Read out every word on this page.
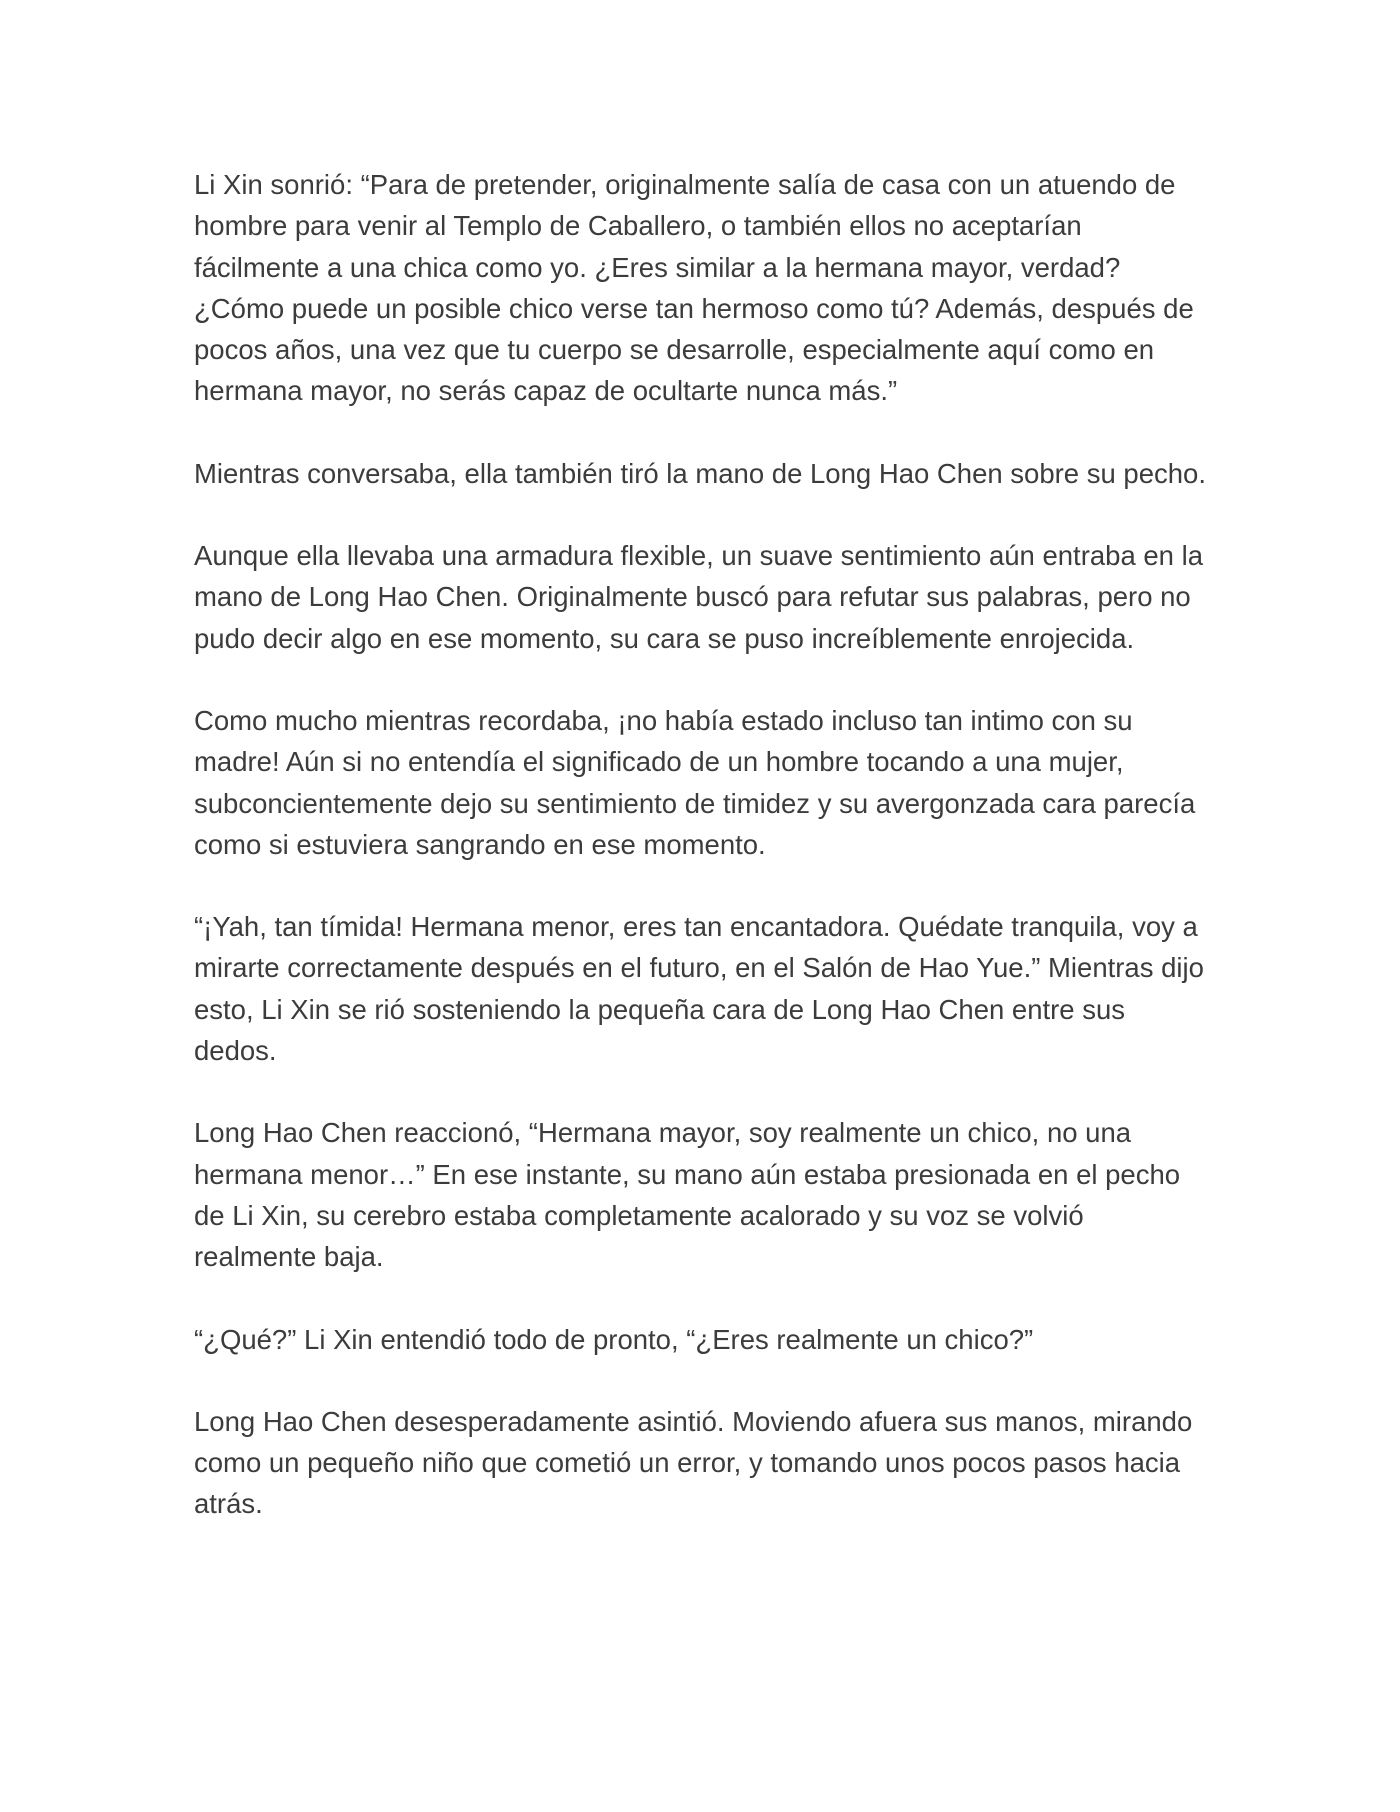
Li Xin sonrió: “Para de pretender, originalmente salía de casa con un atuendo de hombre para venir al Templo de Caballero, o también ellos no aceptarían fácilmente a una chica como yo. ¿Eres similar a la hermana mayor, verdad? ¿Cómo puede un posible chico verse tan hermoso como tú? Además, después de pocos años, una vez que tu cuerpo se desarrolle, especialmente aquí como en hermana mayor, no serás capaz de ocultarte nunca más.”

Mientras conversaba, ella también tiró la mano de Long Hao Chen sobre su pecho.

Aunque ella llevaba una armadura flexible, un suave sentimiento aún entraba en la mano de Long Hao Chen. Originalmente buscó para refutar sus palabras, pero no pudo decir algo en ese momento, su cara se puso increíblemente enrojecida.

Como mucho mientras recordaba, ¡no había estado incluso tan intimo con su madre! Aún si no entendía el significado de un hombre tocando a una mujer, subconcientemente dejo su sentimiento de timidez y su avergonzada cara parecía como si estuviera sangrando en ese momento.

“¡Yah, tan tímida! Hermana menor, eres tan encantadora. Quédate tranquila, voy a mirarte correctamente después en el futuro, en el Salón de Hao Yue.” Mientras dijo esto, Li Xin se rió sosteniendo la pequeña cara de Long Hao Chen entre sus dedos.

Long Hao Chen reaccionó, “Hermana mayor, soy realmente un chico, no una hermana menor…” En ese instante, su mano aún estaba presionada en el pecho de Li Xin, su cerebro estaba completamente acalorado y su voz se volvió realmente baja.

“¿Qué?” Li Xin entendió todo de pronto, “¿Eres realmente un chico?”

Long Hao Chen desesperadamente asintió. Moviendo afuera sus manos, mirando como un pequeño niño que cometió un error, y tomando unos pocos pasos hacia atrás.
